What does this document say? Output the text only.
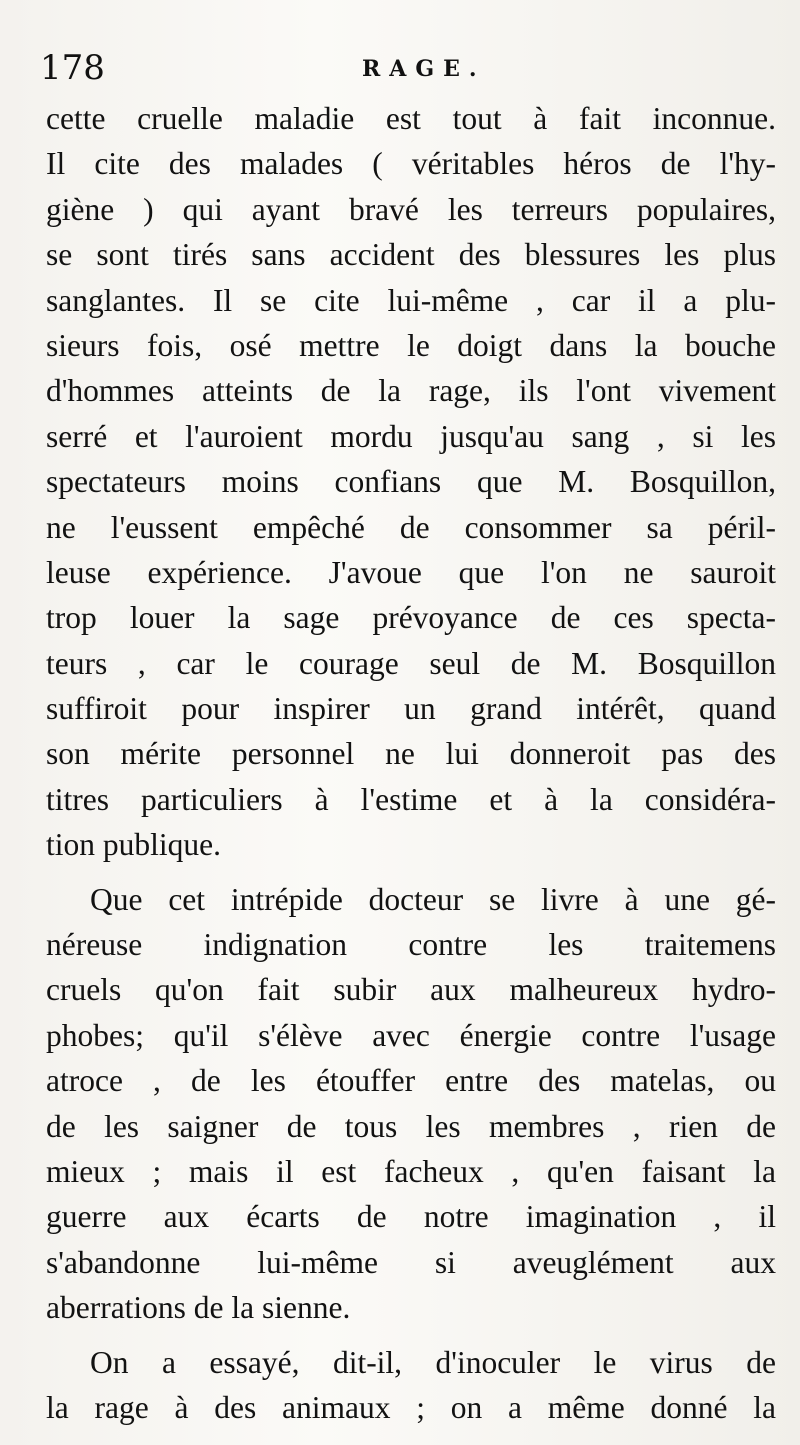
178	RAGE.
cette cruelle maladie est tout à fait inconnue.
Il cite des malades ( véritables héros de l'hy-
giène ) qui ayant bravé les terreurs populaires,
se sont tirés sans accident des blessures les plus
sanglantes. Il se cite lui-même , car il a plu-
sieurs fois, osé mettre le doigt dans la bouche
d'hommes atteints de la rage, ils l'ont vivement
serré et l'auroient mordu jusqu'au sang , si les
spectateurs moins confians que M. Bosquillon,
ne l'eussent empêché de consommer sa péril-
leuse expérience. J'avoue que l'on ne sauroit
trop louer la sage prévoyance de ces specta-
teurs , car le courage seul de M. Bosquillon
suffiroit pour inspirer un grand intérêt, quand
son mérite personnel ne lui donneroit pas des
titres particuliers à l'estime et à la considéra-
tion publique.
Que cet intrépide docteur se livre à une gé-
néreuse indignation contre les traitemens
cruels qu'on fait subir aux malheureux hydro-
phobes; qu'il s'élève avec énergie contre l'usage
atroce , de les étouffer entre des matelas, ou
de les saigner de tous les membres , rien de
mieux ; mais il est facheux , qu'en faisant la
guerre aux écarts de notre imagination , il
s'abandonne lui-même si aveuglément aux
aberrations de la sienne.
On a essayé, dit-il, d'inoculer le virus de
la rage à des animaux ; on a même donné la
